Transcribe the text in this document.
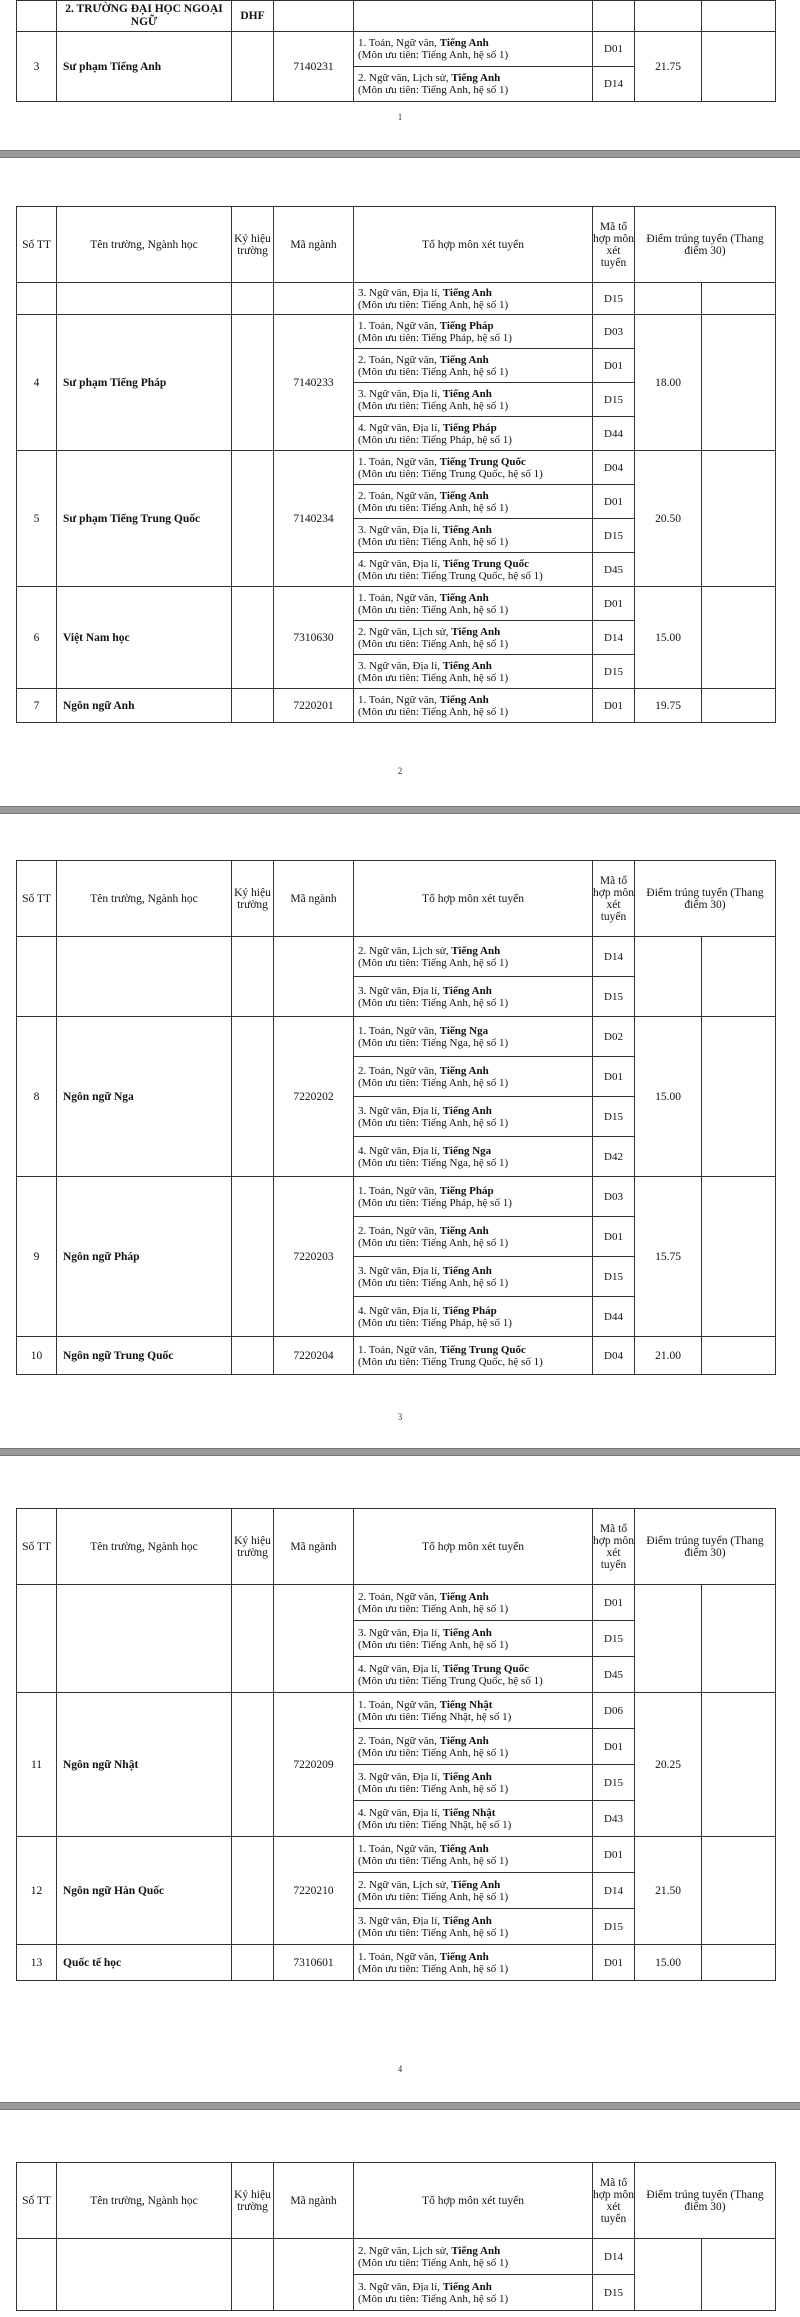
	2. TRƯỜNG ĐẠI HỌC NGOẠI NGỮ	DHF					
3	Sư phạm Tiếng Anh		7140231	1. Toán, Ngữ văn, Tiếng Anh
(Môn ưu tiên: Tiếng Anh, hệ số 1)	D01	21.75	
				2. Ngữ văn, Lịch sử, Tiếng Anh
(Môn ưu tiên: Tiếng Anh, hệ số 1)	D14		
1
Số TT	Tên trường, Ngành học	Ký hiệu trường	Mã ngành	Tổ hợp môn xét tuyển	Mã tổ hợp môn xét tuyển	Điểm trúng tuyển (Thang điểm 30)	
				3. Ngữ văn, Địa lí, Tiếng Anh
(Môn ưu tiên: Tiếng Anh, hệ số 1)	D15		
4	Sư phạm Tiếng Pháp		7140233	1. Toán, Ngữ văn, Tiếng Pháp
(Môn ưu tiên: Tiếng Pháp, hệ số 1)	D03	18.00	
				2. Toán, Ngữ văn, Tiếng Anh
(Môn ưu tiên: Tiếng Anh, hệ số 1)	D01		
				3. Ngữ văn, Địa lí, Tiếng Anh
(Môn ưu tiên: Tiếng Anh, hệ số 1)	D15		
				4. Ngữ văn, Địa lí, Tiếng Pháp
(Môn ưu tiên: Tiếng Pháp, hệ số 1)	D44		
5	Sư phạm Tiếng Trung Quốc		7140234	1. Toán, Ngữ văn, Tiếng Trung Quốc
(Môn ưu tiên: Tiếng Trung Quốc, hệ số 1)	D04	20.50	
				2. Toán, Ngữ văn, Tiếng Anh
(Môn ưu tiên: Tiếng Anh, hệ số 1)	D01		
				3. Ngữ văn, Địa lí, Tiếng Anh
(Môn ưu tiên: Tiếng Anh, hệ số 1)	D15		
				4. Ngữ văn, Địa lí, Tiếng Trung Quốc
(Môn ưu tiên: Tiếng Trung Quốc, hệ số 1)	D45		
6	Việt Nam học		7310630	1. Toán, Ngữ văn, Tiếng Anh
(Môn ưu tiên: Tiếng Anh, hệ số 1)	D01	15.00	
				2. Ngữ văn, Lịch sử, Tiếng Anh
(Môn ưu tiên: Tiếng Anh, hệ số 1)	D14		
				3. Ngữ văn, Địa lí, Tiếng Anh
(Môn ưu tiên: Tiếng Anh, hệ số 1)	D15		
7	Ngôn ngữ Anh		7220201	1. Toán, Ngữ văn, Tiếng Anh
(Môn ưu tiên: Tiếng Anh, hệ số 1)	D01	19.75	
2
Số TT	Tên trường, Ngành học	Ký hiệu trường	Mã ngành	Tổ hợp môn xét tuyển	Mã tổ hợp môn xét tuyển	Điểm trúng tuyển (Thang điểm 30)	
				2. Ngữ văn, Lịch sử, Tiếng Anh
(Môn ưu tiên: Tiếng Anh, hệ số 1)	D14		
				3. Ngữ văn, Địa lí, Tiếng Anh
(Môn ưu tiên: Tiếng Anh, hệ số 1)	D15		
8	Ngôn ngữ Nga		7220202	1. Toán, Ngữ văn, Tiếng Nga
(Môn ưu tiên: Tiếng Nga, hệ số 1)	D02	15.00	
				2. Toán, Ngữ văn, Tiếng Anh
(Môn ưu tiên: Tiếng Anh, hệ số 1)	D01		
				3. Ngữ văn, Địa lí, Tiếng Anh
(Môn ưu tiên: Tiếng Anh, hệ số 1)	D15		
				4. Ngữ văn, Địa lí, Tiếng Nga
(Môn ưu tiên: Tiếng Nga, hệ số 1)	D42		
9	Ngôn ngữ Pháp		7220203	1. Toán, Ngữ văn, Tiếng Pháp
(Môn ưu tiên: Tiếng Pháp, hệ số 1)	D03	15.75	
				2. Toán, Ngữ văn, Tiếng Anh
(Môn ưu tiên: Tiếng Anh, hệ số 1)	D01		
				3. Ngữ văn, Địa lí, Tiếng Anh
(Môn ưu tiên: Tiếng Anh, hệ số 1)	D15		
				4. Ngữ văn, Địa lí, Tiếng Pháp
(Môn ưu tiên: Tiếng Pháp, hệ số 1)	D44		
10	Ngôn ngữ Trung Quốc		7220204	1. Toán, Ngữ văn, Tiếng Trung Quốc
(Môn ưu tiên: Tiếng Trung Quốc, hệ số 1)	D04	21.00	
3
Số TT	Tên trường, Ngành học	Ký hiệu trường	Mã ngành	Tổ hợp môn xét tuyển	Mã tổ hợp môn xét tuyển	Điểm trúng tuyển (Thang điểm 30)	
				2. Toán, Ngữ văn, Tiếng Anh
(Môn ưu tiên: Tiếng Anh, hệ số 1)	D01		
				3. Ngữ văn, Địa lí, Tiếng Anh
(Môn ưu tiên: Tiếng Anh, hệ số 1)	D15		
				4. Ngữ văn, Địa lí, Tiếng Trung Quốc
(Môn ưu tiên: Tiếng Trung Quốc, hệ số 1)	D45		
11	Ngôn ngữ Nhật		7220209	1. Toán, Ngữ văn, Tiếng Nhật
(Môn ưu tiên: Tiếng Nhật, hệ số 1)	D06	20.25	
				2. Toán, Ngữ văn, Tiếng Anh
(Môn ưu tiên: Tiếng Anh, hệ số 1)	D01		
				3. Ngữ văn, Địa lí, Tiếng Anh
(Môn ưu tiên: Tiếng Anh, hệ số 1)	D15		
				4. Ngữ văn, Địa lí, Tiếng Nhật
(Môn ưu tiên: Tiếng Nhật, hệ số 1)	D43		
12	Ngôn ngữ Hàn Quốc		7220210	1. Toán, Ngữ văn, Tiếng Anh
(Môn ưu tiên: Tiếng Anh, hệ số 1)	D01	21.50	
				2. Ngữ văn, Lịch sử, Tiếng Anh
(Môn ưu tiên: Tiếng Anh, hệ số 1)	D14		
				3. Ngữ văn, Địa lí, Tiếng Anh
(Môn ưu tiên: Tiếng Anh, hệ số 1)	D15		
13	Quốc tế học		7310601	1. Toán, Ngữ văn, Tiếng Anh
(Môn ưu tiên: Tiếng Anh, hệ số 1)	D01	15.00	
4
Số TT	Tên trường, Ngành học	Ký hiệu trường	Mã ngành	Tổ hợp môn xét tuyển	Mã tổ hợp môn xét tuyển	Điểm trúng tuyển (Thang điểm 30)	
				2. Ngữ văn, Lịch sử, Tiếng Anh
(Môn ưu tiên: Tiếng Anh, hệ số 1)	D14		
				3. Ngữ văn, Địa lí, Tiếng Anh
(Môn ưu tiên: Tiếng Anh, hệ số 1)	D15		
